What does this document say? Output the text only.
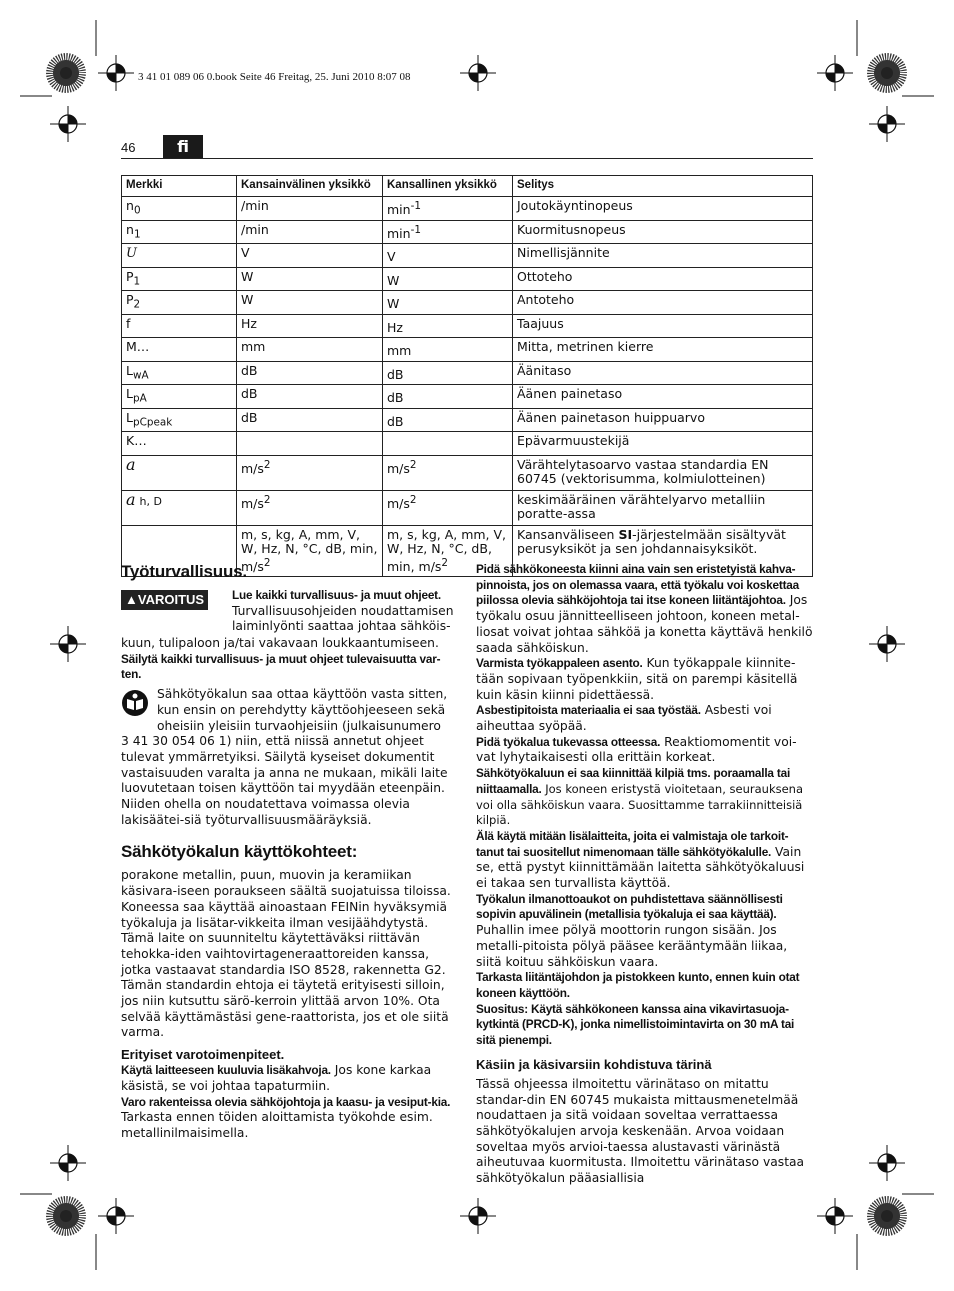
3 41 01 089 06 0.book Seite 46 Freitag, 25. Juni 2010 8:07 08
46	fi
Merkki	Kansainvälinen yksikkö	Kansallinen yksikkö	Selitys
$n_0$	/min	$\min^{-1}$	Joutokäyntinopeus
$n_1$	/min	$\min^{-1}$	Kuormitusnopeus
U	V	V	Nimellisjännite
$P_1$	W	W	Ottoteho
$P_2$	W	W	Antoteho
f	Hz	Hz	Taajuus
M…	mm	mm	Mitta, metrinen kierre
$L_{wA}$	dB	dB	Äänitaso
$L_{pA}$	dB	dB	Äänen painetaso
$L_{pCpeak}$	dB	dB	Äänen painetason huippuarvo
K…			Epävarmuustekijä
a	$m/s^2$	$m/s^2$	Värähtelytasoarvo vastaa standardia EN 60745 (vektorisumma, kolmiulotteinen)
a h, D	$m/s^2$	$m/s^2$	keskimääräinen värähtelyarvo metalliin poratte-assa
	m, s, kg, A, mm, V, W, Hz, N, °C, dB, min, $m/s^2$	m, s, kg, A, mm, V, W, Hz, N, °C, dB, min, $m/s^2$	Kansanväliseen SI-järjestelmään sisältyvät perusyksiköt ja sen johdannaisyksiköt.

Työturvallisuus.

▲VAROITUS	Lue kaikki turvallisuus- ja muut ohjeet.
Turvallisuusohjeiden noudattamisen laiminlyönti saattaa johtaa sähköis-

kuun, tulipaloon ja/tai vakavaan loukkaantumiseen.

Säilytä kaikki turvallisuus- ja muut ohjeet tulevaisuutta var-ten.

Sähkötyökalun saa ottaa käyttöön vasta sitten, kun ensin on perehdytty käyttöohjeeseen sekä oheisiin yleisiin turvaohjeisiin (julkaisunumero

3 41 30 054 06 1) niin, että niissä annetut ohjeet tulevat ymmärretyiksi. Säilytä kyseiset dokumentit vastaisuuden varalta ja anna ne mukaan, mikäli laite luovutetaan toisen käyttöön tai myydään eteenpäin.

Niiden ohella on noudatettava voimassa olevia lakisäätei-siä työturvallisuusmääräyksiä.

Sähkötyökalun käyttökohteet:

porakone metallin, puun, muovin ja keramiikan käsivara-iseen poraukseen säältä suojatuissa tiloissa. Koneessa saa käyttää ainoastaan FEINin hyväksymiä työkaluja ja lisätar-vikkeita ilman vesijäähdytystä.

Tämä laite on suunniteltu käytettäväksi riittävän tehokka-iden vaihtovirtageneraattoreiden kanssa, jotka vastaavat standardia ISO 8528, rakennetta G2. Tämän standardin ehtoja ei täytetä erityisesti silloin, jos niin kutsuttu särö-kerroin ylittää arvon 10%. Ota selvää käyttämästäsi gene-raattorista, jos et ole siitä varma.

Erityiset varotoimenpiteet.

Käytä laitteeseen kuuluvia lisäkahvoja. Jos kone karkaa käsistä, se voi johtaa tapaturmiin.

Varo rakenteissa olevia sähköjohtoja ja kaasu- ja vesiput-kia. Tarkasta ennen töiden aloittamista työkohde esim. metallinilmaisimella.

Pidä sähkökoneesta kiinni aina vain sen eristetyistä kahva-pinnoista, jos on olemassa vaara, että työkalu voi koskettaa piilossa olevia sähköjohtoja tai itse koneen liitäntäjohtoa. Jos työkalu osuu jännitteelliseen johtoon, koneen metal-liosat voivat johtaa sähköä ja konetta käyttävä henkilö saada sähköiskun.

Varmista työkappaleen asento. Kun työkappale kiinnite-tään sopivaan työpenkkiin, sitä on parempi käsitellä kuin käsin kiinni pidettäessä.

Asbestipitoista materiaalia ei saa työstää. Asbesti voi aiheuttaa syöpää.

Pidä työkalua tukevassa otteessa. Reaktiomomentit voi-vat lyhytaikaisesti olla erittäin korkeat.

Sähkötyökaluun ei saa kiinnittää kilpiä tms. poraamalla tai niittaamalla. Jos koneen eristystä vioitetaan, seurauksena voi olla sähköiskun vaara. Suosittamme tarrakiinnitteisiä kilpiä.

Älä käytä mitään lisälaitteita, joita ei valmistaja ole tarkoit-tanut tai suositellut nimenomaan tälle sähkötyökalulle. Vain se, että pystyt kiinnittämään laitetta sähkötyökaluusi ei takaa sen turvallista käyttöä.

Työkalun ilmanottoaukot on puhdistettava säännöllisesti sopivin apuvälinein (metallisia työkaluja ei saa käyttää). Puhallin imee pölyä moottorin rungon sisään. Jos metalli-pitoista pölyä pääsee kerääntymään liikaa, siitä koituu sähköiskun vaara.

Tarkasta liitäntäjohdon ja pistokkeen kunto, ennen kuin otat koneen käyttöön.

Suositus: Käytä sähkökoneen kanssa aina vikavirtasuoja-kytkintä (PRCD-K), jonka nimellistoimintavirta on 30 mA tai sitä pienempi.

Käsiin ja käsivarsiin kohdistuva tärinä

Tässä ohjeessa ilmoitettu värinätaso on mitattu standar-din EN 60745 mukaista mittausmenetelmää noudattaen ja sitä voidaan soveltaa verrattaessa sähkötyökalujen arvoja keskenään. Arvoa voidaan soveltaa myös arvioi-taessa alustavasti värinästä aiheutuvaa kuormitusta. Ilmoitettu värinätaso vastaa sähkötyökalun pääasiallisia
